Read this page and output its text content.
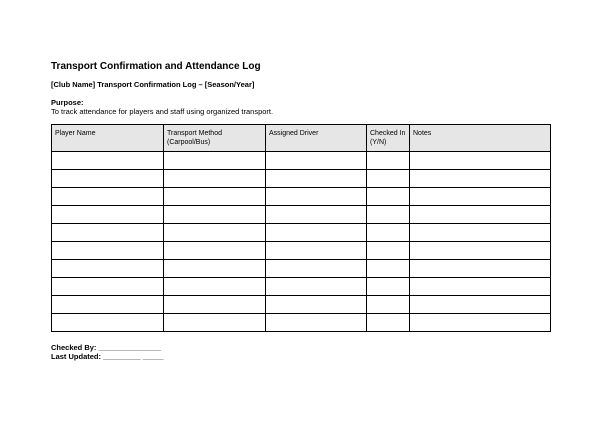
Transport Confirmation and Attendance Log
[Club Name] Transport Confirmation Log – [Season/Year]
Purpose:
To track attendance for players and staff using organized transport.
Player Name	Transport Method (Carpool/Bus)	Assigned Driver	Checked In (Y/N)	Notes

Checked By: _______________
Last Updated: _________ _____
